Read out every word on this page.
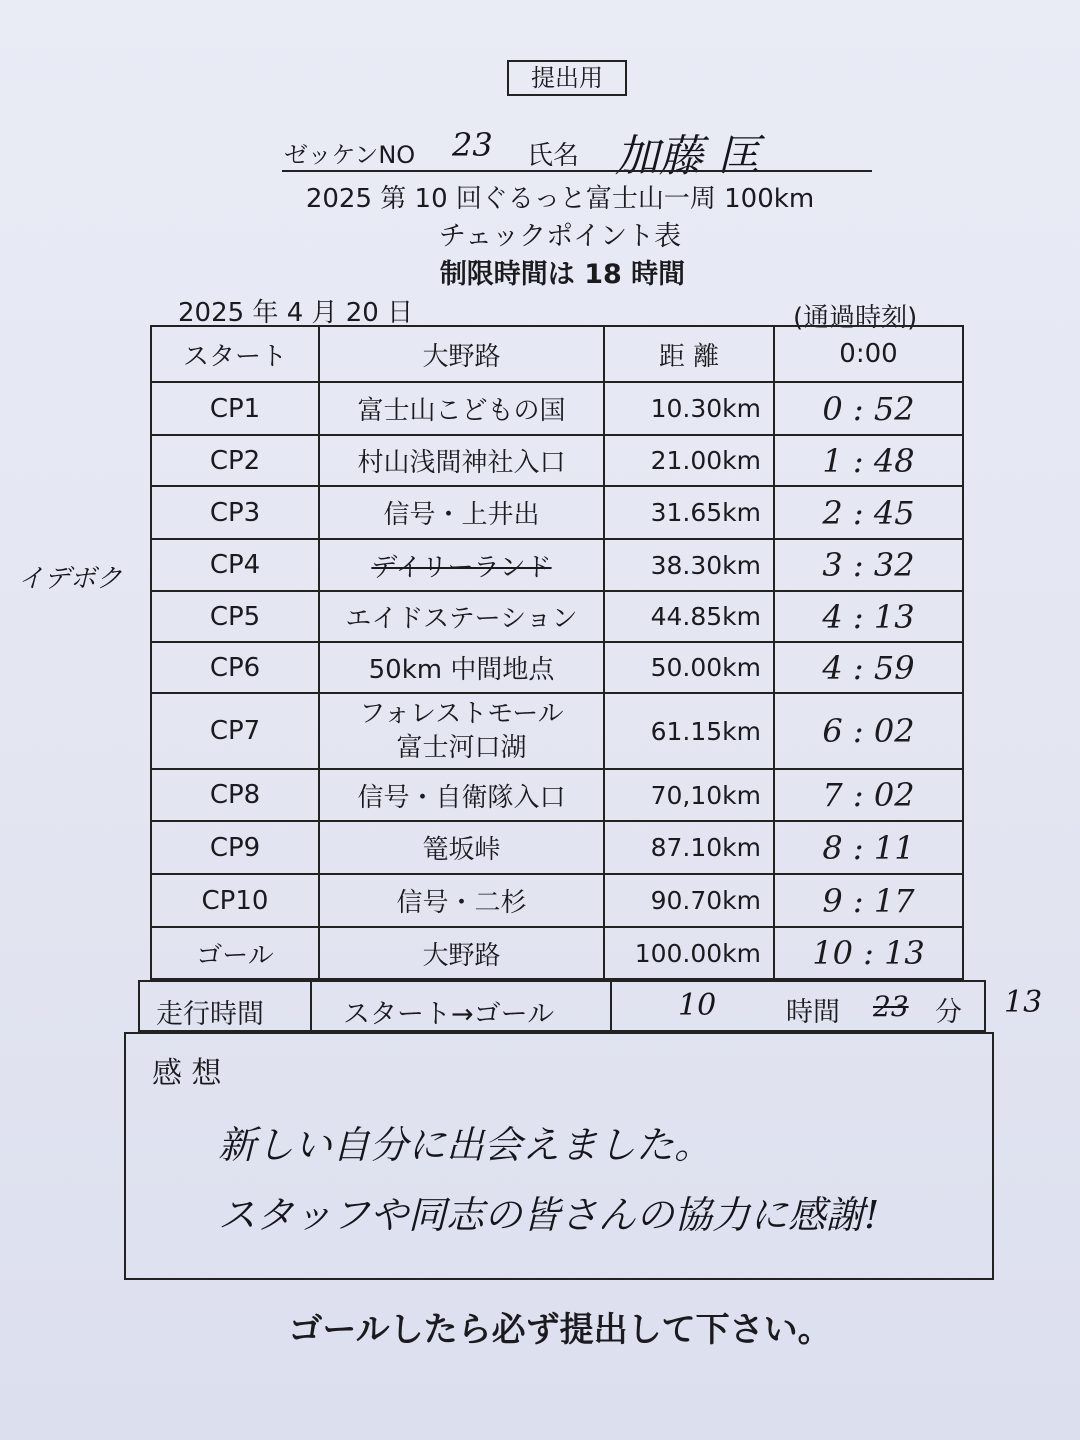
提出用
ゼッケンNO 23 氏名 加藤 匡
2025 第 10 回ぐるっと富士山一周 100km
チェックポイント表
制限時間は 18 時間
2025 年 4 月 20 日	(通過時刻)
イデボク
スタート	大野路	距 離	0:00
CP1	富士山こどもの国	10.30km	0 : 52
CP2	村山浅間神社入口	21.00km	1 : 48
CP3	信号・上井出	31.65km	2 : 45
CP4	デイリーランド	38.30km	3 : 32
CP5	エイドステーション	44.85km	4 : 13
CP6	50km 中間地点	50.00km	4 : 59
CP7	フォレストモール
富士河口湖	61.15km	6 : 02
CP8	信号・自衛隊入口	70,10km	7 : 02
CP9	篭坂峠	87.10km	8 : 11
CP10	信号・二杉	90.70km	9 : 17
ゴール	大野路	100.00km	10 : 13
走行時間	スタート→ゴール	10	時間 23 分 13
感 想
新しい自分に出会えました。
スタッフや同志の皆さんの協力に感謝!
ゴールしたら必ず提出して下さい。
